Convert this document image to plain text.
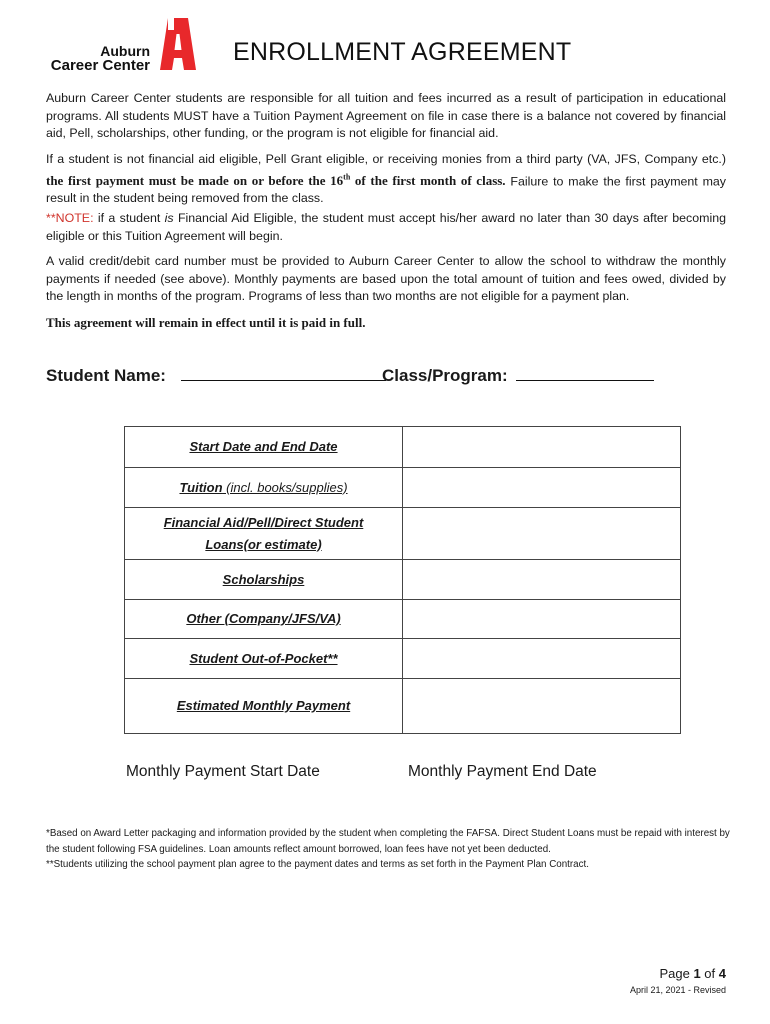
Auburn
Career Center	ENROLLMENT AGREEMENT

Auburn Career Center students are responsible for all tuition and fees incurred as a result of participation in educational programs. All students MUST have a Tuition Payment Agreement on file in case there is a balance not covered by financial aid, Pell, scholarships, other funding, or the program is not eligible for financial aid.

If a student is not financial aid eligible, Pell Grant eligible, or receiving monies from a third party (VA, JFS, Company etc.) the first payment must be made on or before the 16th of the first month of class. Failure to make the first payment may result in the student being removed from the class.

**NOTE: if a student is Financial Aid Eligible, the student must accept his/her award no later than 30 days after becoming eligible or this Tuition Agreement will begin.

A valid credit/debit card number must be provided to Auburn Career Center to allow the school to withdraw the monthly payments if needed (see above). Monthly payments are based upon the total amount of tuition and fees owed, divided by the length in months of the program. Programs of less than two months are not eligible for a payment plan.

This agreement will remain in effect until it is paid in full.

Student Name:	Class/Program:
Start Date and End Date	
Tuition (incl. books/supplies)	

Financial Aid/Pell/Direct Student
Loans(or estimate)	

Scholarships	
Other (Company/JFS/VA)	
Student Out-of-Pocket**	
Estimated Monthly Payment	
Monthly Payment Start Date	Monthly Payment End Date
*Based on Award Letter packaging and information provided by the student when completing the FAFSA. Direct Student Loans must be repaid with interest by the student following FSA guidelines. Loan amounts reflect amount borrowed, loan fees have not yet been deducted.
**Students utilizing the school payment plan agree to the payment dates and terms as set forth in the Payment Plan Contract.
Page 1 of 4
April 21, 2021 - Revised
